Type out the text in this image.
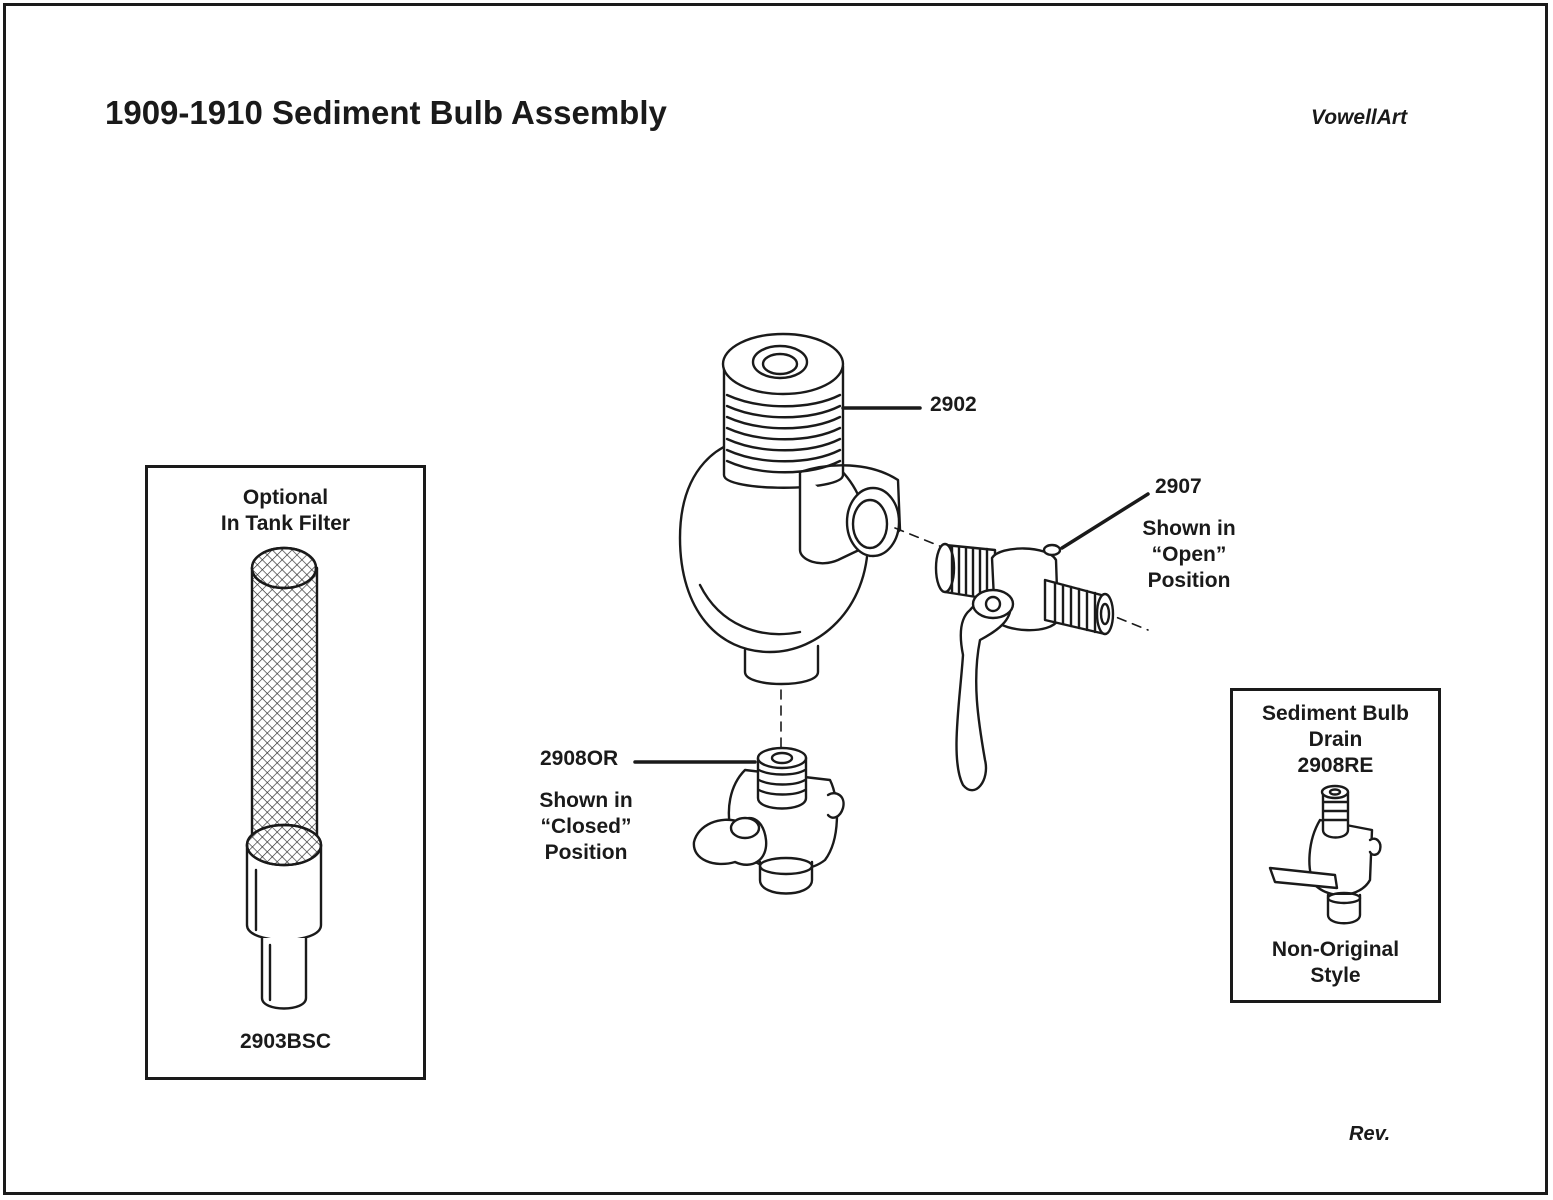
1909-1910 Sediment Bulb Assembly	VowellArt
Rev.
2902
2907
Shown in
“Open”
Position
2908OR
Shown in
“Closed”
Position
Optional
In Tank Filter
2903BSC
Sediment Bulb
Drain
2908RE
Non-Original
Style
